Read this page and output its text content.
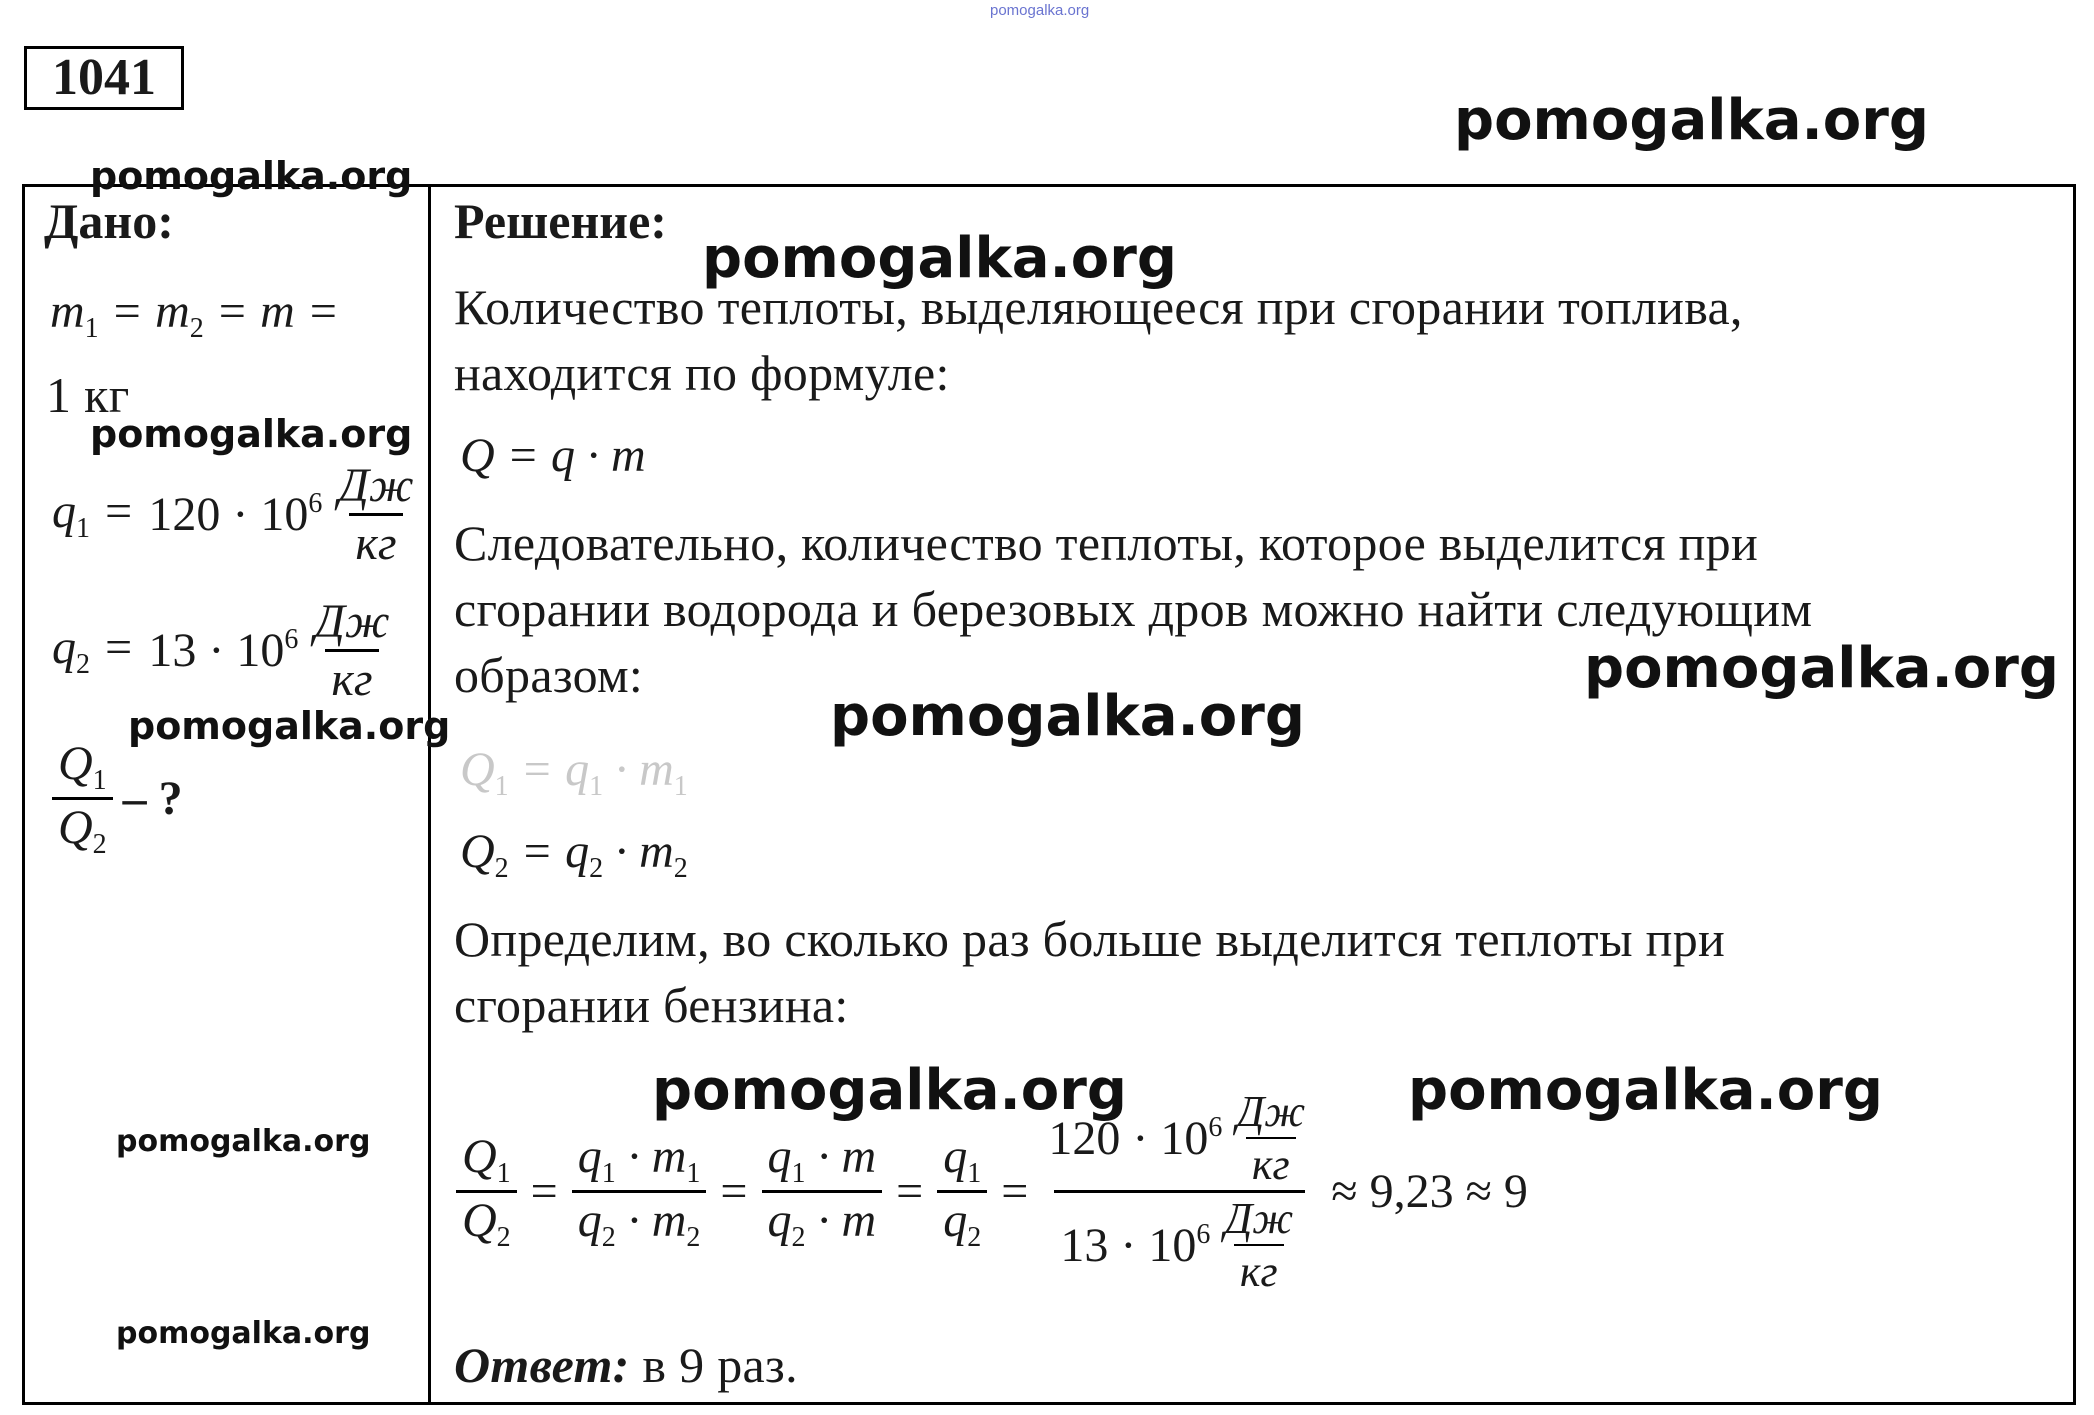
pomogalka.org
1041
Дано:
$m_1 = m_2 = m$ =
1 кг
$q_1 = 120 \cdot 10^6 \frac{Дж}{кг}$
$q_2 = 13 \cdot 10^6 \frac{Дж}{кг}$
$\frac{Q_1}{Q_2}$ – ?
Решение:
Количество теплоты, выделяющееся при сгорании топлива,
находится по формуле:
Q = q · m
Следовательно, количество теплоты, которое выделится при
сгорании водорода и березовых дров можно найти следующим
образом:
$Q_1 = q_1 \cdot m_1$
$Q_2 = q_2 \cdot m_2$
Определим, во сколько раз больше выделится теплоты при
сгорании бензина:
$\frac{Q_1}{Q_2} = \frac{q_1 \cdot m_1}{q_2 \cdot m_2} = \frac{q_1 \cdot m}{q_2 \cdot m} = \frac{q_1}{q_2} = \frac{120 \cdot 10^6 \frac{Дж}{кг}}{13 \cdot 10^6 \frac{Дж}{кг}} \approx 9,23 \approx 9$
Ответ: в 9 раз.
pomogalka.org
pomogalka.org
pomogalka.org
pomogalka.org
pomogalka.org
pomogalka.org
pomogalka.org
pomogalka.org	pomogalka.org
pomogalka.org
pomogalka.org
